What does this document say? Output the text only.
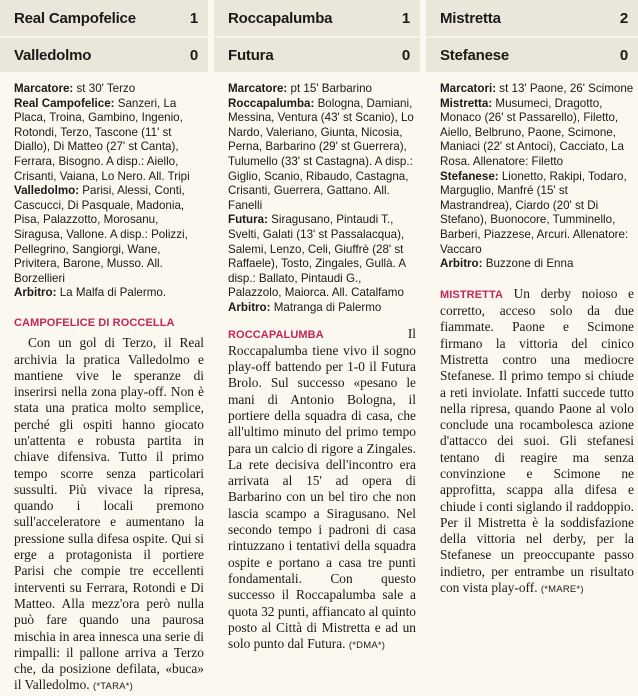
Real Campofelice	1
Valledolmo	0

Marcatore: st 30' Terzo

Real Campofelice: Sanzeri, La Placa, Troina, Gambino, Ingenio, Rotondi, Terzo, Tascone (11' st Diallo), Di Matteo (27' st Canta), Ferrara, Bisogno. A disp.: Aiello, Crisanti, Vaiana, Lo Nero. All. Tripi

Valledolmo: Parisi, Alessi, Conti, Cascucci, Di Pasquale, Madonia, Pisa, Palazzotto, Morosanu, Siragusa, Vallone. A disp.: Polizzi, Pellegrino, Sangiorgi, Wane, Privitera, Barone, Musso. All. Borzellieri

Arbitro: La Malfa di Palermo.

CAMPOFELICE DI ROCCELLA

Con un gol di Terzo, il Real archivia la pratica Valledolmo e mantiene vive le speranze di inserirsi nella zona play-off. Non è stata una pratica molto semplice, perché gli ospiti hanno giocato un'attenta e robusta partita in chiave difensiva. Tutto il primo tempo scorre senza particolari sussulti. Più vivace la ripresa, quando i locali premono sull'acceleratore e aumentano la pressione sulla difesa ospite. Qui si erge a protagonista il portiere Parisi che compie tre eccellenti interventi su Ferrara, Rotondi e Di Matteo. Alla mezz'ora però nulla può fare quando una paurosa mischia in area innesca una serie di rimpalli: il pallone arriva a Terzo che, da posizione defilata, «buca» il Valledolmo. (*TARA*)

Roccapalumba	1
Futura	0

Marcatore: pt 15' Barbarino

Roccapalumba: Bologna, Damiani, Messina, Ventura (43' st Scanio), Lo Nardo, Valeriano, Giunta, Nicosia, Perna, Barbarino (29' st Guerrera), Tulumello (33' st Castagna). A disp.: Giglio, Scanio, Ribaudo, Castagna, Crisanti, Guerrera, Gattano. All. Fanelli

Futura: Siragusano, Pintaudi T., Svelti, Galati (13' st Passalacqua), Salemi, Lenzo, Celi, Giuffrè (28' st Raffaele), Tosto, Zingales, Gullà. A disp.: Ballato, Pintaudi G., Palazzolo, Maiorca. All. Catalfamo

Arbitro: Matranga di Palermo

ROCCAPALUMBA	Il Roccapalumba tiene vivo il sogno play-off battendo per 1-0 il Futura Brolo. Sul successo «pesano le mani di Antonio Bologna, il portiere della squadra di casa, che all'ultimo minuto del primo tempo para un calcio di rigore a Zingales. La rete decisiva dell'incontro era arrivata al 15' ad opera di Barbarino con un bel tiro che non lascia scampo a Siragusano. Nel secondo tempo i padroni di casa rintuzzano i tentativi della squadra ospite e portano a casa tre punti fondamentali. Con questo successo il Roccapalumba sale a quota 32 punti, affiancato al quinto posto al Città di Mistretta e ad un solo punto dal Futura. (*DMA*)

Mistretta	2
Stefanese	0

Marcatori: st 13' Paone, 26' Scimone

Mistretta: Musumeci, Dragotto, Monaco (26' st Passarello), Filetto, Aiello, Belbruno, Paone, Scimone, Maniaci (22' st Antoci), Cacciato, La Rosa. Allenatore: Filetto

Stefanese: Lionetto, Rakipi, Todaro, Marguglio, Manfré (15' st Mastrandrea), Ciardo (20' st Di Stefano), Buonocore, Tumminello, Barberi, Piazzese, Arcuri. Allenatore: Vaccaro

Arbitro: Buzzone di Enna

MISTRETTA Un derby noioso e corretto, acceso solo da due fiammate. Paone e Scimone firmano la vittoria del cinico Mistretta contro una mediocre Stefanese. Il primo tempo si chiude a reti inviolate. Infatti succede tutto nella ripresa, quando Paone al volo conclude una rocambolesca azione d'attacco dei suoi. Gli stefanesi tentano di reagire ma senza convinzione e Scimone ne approfitta, scappa alla difesa e chiude i conti siglando il raddoppio. Per il Mistretta è la soddisfazione della vittoria nel derby, per la Stefanese un preoccupante passo indietro, per entrambe un risultato con vista play-off. (*MARE*)
